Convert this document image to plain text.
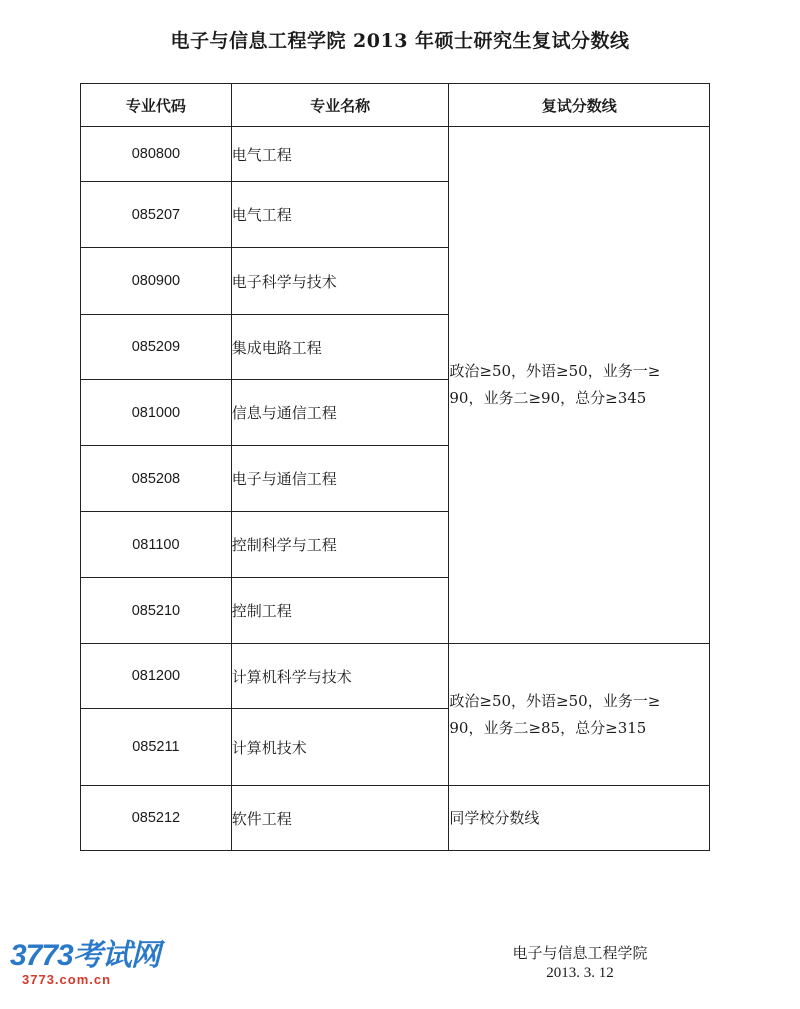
电子与信息工程学院 2013 年硕士研究生复试分数线
专业代码	专业名称	复试分数线
080800	电气工程	政治≥50，外语≥50，业务一≥
90，业务二≥90，总分≥345

085207	电气工程	
080900	电子科学与技术	
085209	集成电路工程	
081000	信息与通信工程	
085208	电子与通信工程	
081100	控制科学与工程	
085210	控制工程	
081200	计算机科学与技术	政治≥50，外语≥50，业务一≥
90，业务二≥85，总分≥315

085211	计算机技术	
085212	软件工程	同学校分数线
3773考试网
3773.com.cn
电子与信息工程学院
2013. 3. 12
